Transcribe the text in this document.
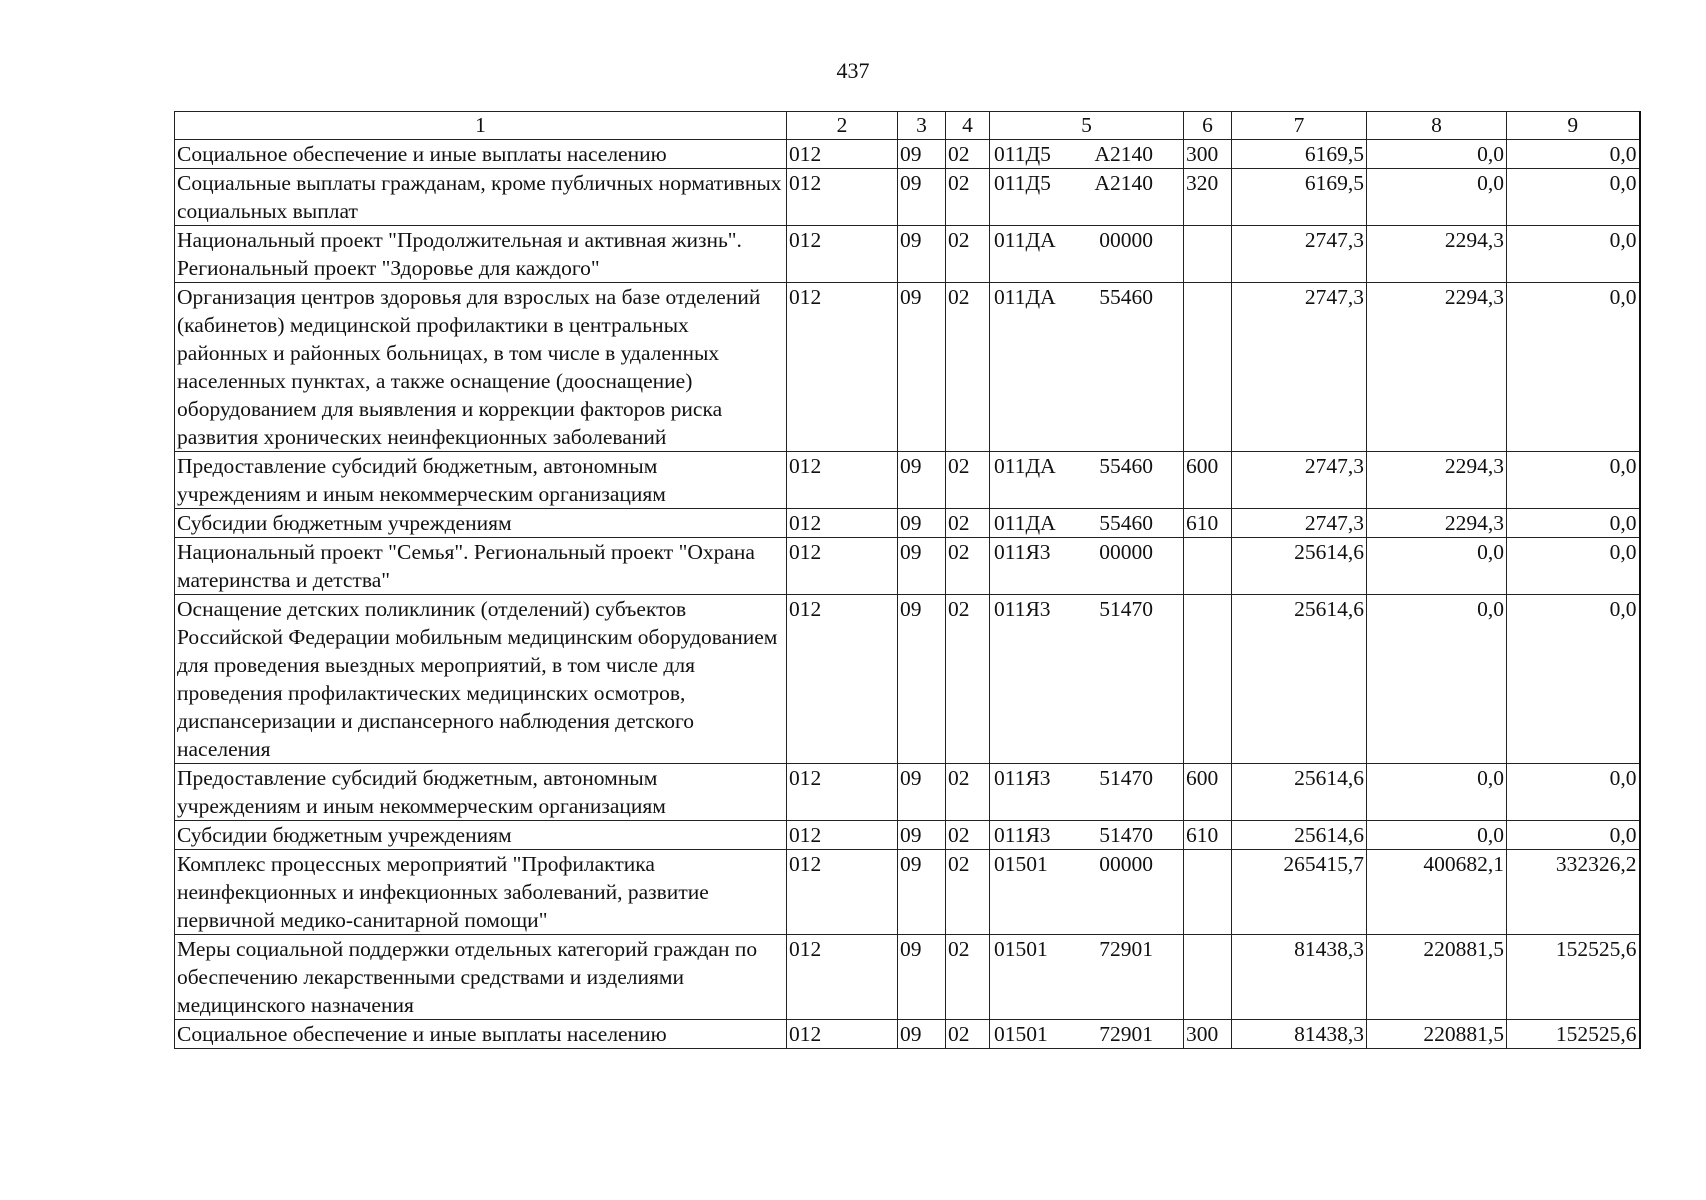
437
1	2	3	4	5	6	7	8	9
Социальное обеспечение и иные выплаты населению	012	09	02	011Д5 А2140	300	6169,5	0,0	0,0
Социальные выплаты гражданам, кроме публичных нормативных социальных выплат	012	09	02	011Д5 А2140	320	6169,5	0,0	0,0
Национальный проект "Продолжительная и активная жизнь". Региональный проект "Здоровье для каждого"	012	09	02	011ДА 00000		2747,3	2294,3	0,0
Организация центров здоровья для взрослых на базе отделений (кабинетов) медицинской профилактики в центральных районных и районных больницах, в том числе в удаленных населенных пунктах, а также оснащение (дооснащение) оборудованием для выявления и коррекции факторов риска развития хронических неинфекционных заболеваний	012	09	02	011ДА 55460		2747,3	2294,3	0,0
Предоставление субсидий бюджетным, автономным учреждениям и иным некоммерческим организациям	012	09	02	011ДА 55460	600	2747,3	2294,3	0,0
Субсидии бюджетным учреждениям	012	09	02	011ДА 55460	610	2747,3	2294,3	0,0
Национальный проект "Семья". Региональный проект "Охрана материнства и детства"	012	09	02	011Я3 00000		25614,6	0,0	0,0
Оснащение детских поликлиник (отделений) субъектов Российской Федерации мобильным медицинским оборудованием для проведения выездных мероприятий, в том числе для проведения профилактических медицинских осмотров, диспансеризации и диспансерного наблюдения детского населения	012	09	02	011Я3 51470		25614,6	0,0	0,0
Предоставление субсидий бюджетным, автономным учреждениям и иным некоммерческим организациям	012	09	02	011Я3 51470	600	25614,6	0,0	0,0
Субсидии бюджетным учреждениям	012	09	02	011Я3 51470	610	25614,6	0,0	0,0
Комплекс процессных мероприятий "Профилактика неинфекционных и инфекционных заболеваний, развитие первичной медико-санитарной помощи"	012	09	02	01501 00000		265415,7	400682,1	332326,2
Меры социальной поддержки отдельных категорий граждан по обеспечению лекарственными средствами и изделиями медицинского назначения	012	09	02	01501 72901		81438,3	220881,5	152525,6
Социальное обеспечение и иные выплаты населению	012	09	02	01501 72901	300	81438,3	220881,5	152525,6
